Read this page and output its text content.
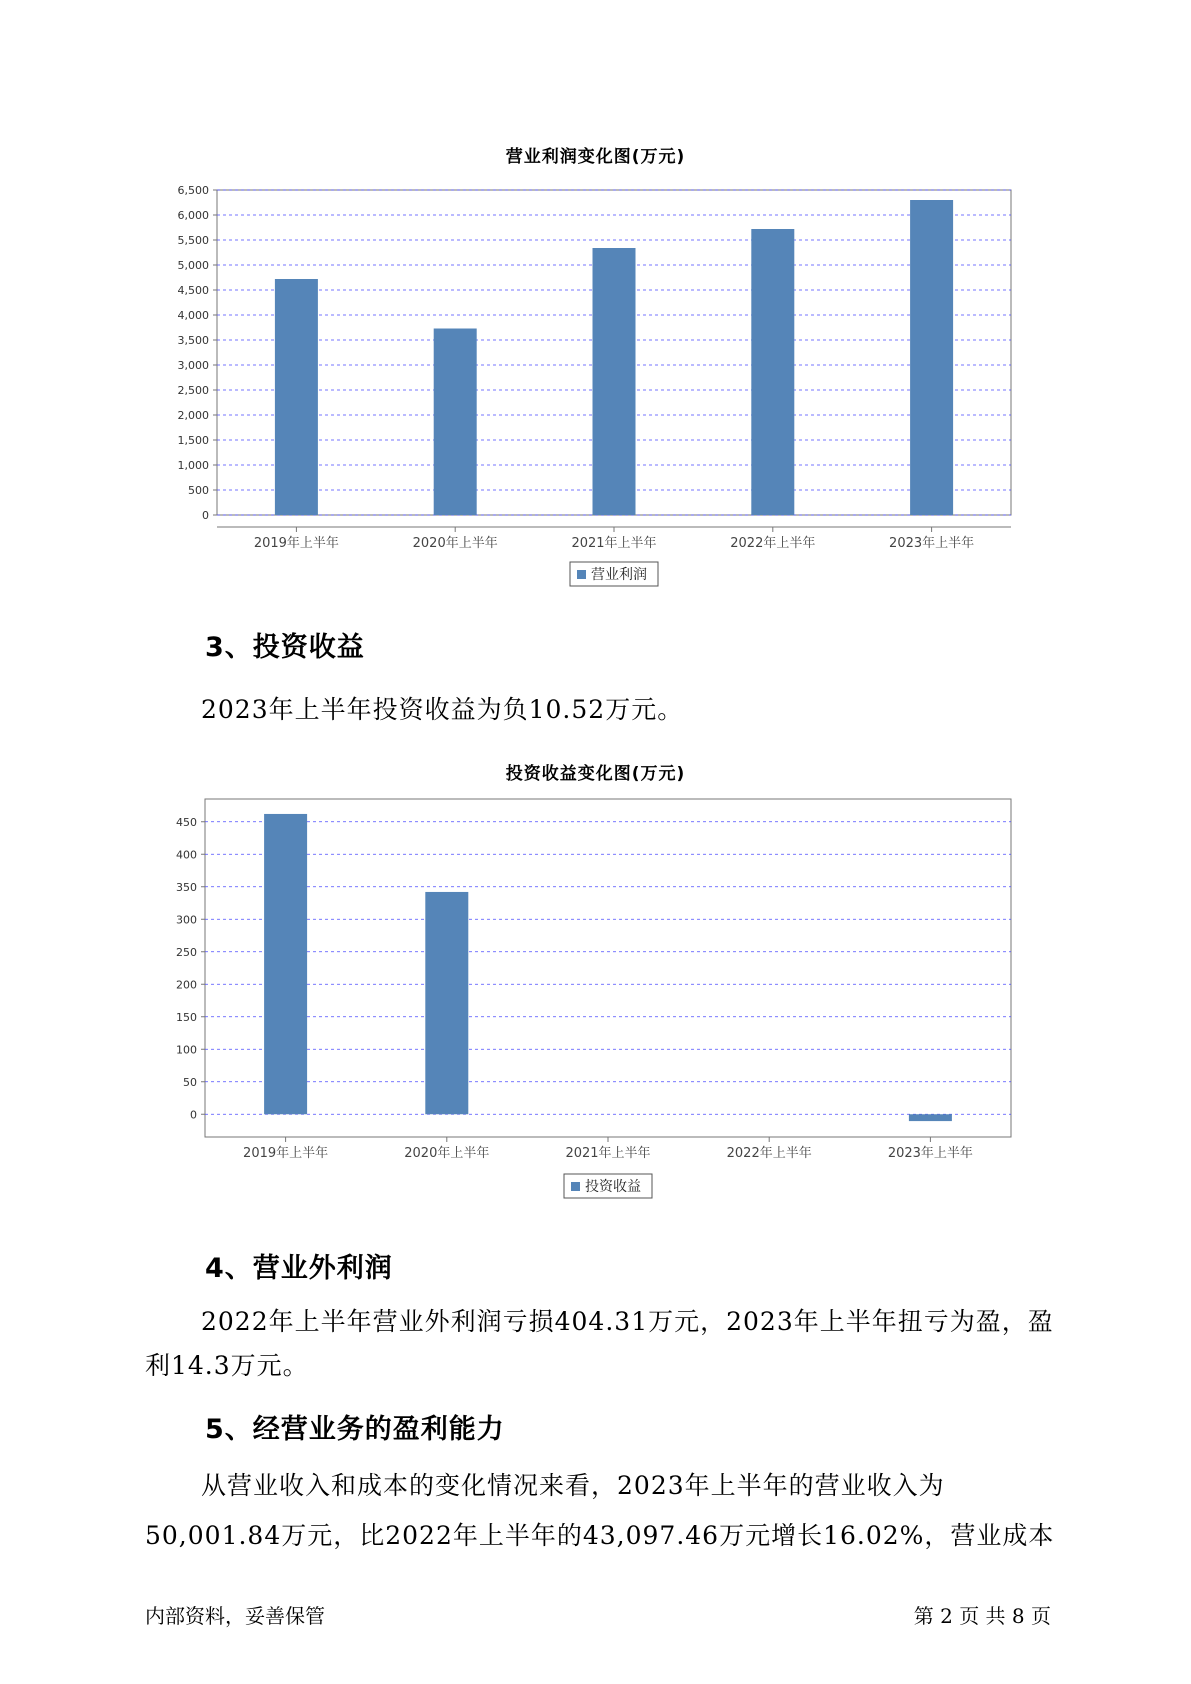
营业利润变化图(万元)
0
500
1,000
1,500
2,000
2,500
3,000
3,500
4,000
4,500
5,000
5,500
6,000
6,500
2019年上半年	2020年上半年	2021年上半年	2022年上半年	2023年上半年
营业利润
3、投资收益
2023年上半年投资收益为负10.52万元。
投资收益变化图(万元)
0
50
100
150
200
250
300
350
400
450
2019年上半年	2020年上半年	2021年上半年	2022年上半年	2023年上半年
投资收益
4、营业外利润
2022年上半年营业外利润亏损404.31万元，2023年上半年扭亏为盈，盈利14.3万元。
5、经营业务的盈利能力
从营业收入和成本的变化情况来看，2023年上半年的营业收入为
50,001.84万元，比2022年上半年的43,097.46万元增长16.02%，营业成本
内部资料，妥善保管	第 2 页 共 8 页
